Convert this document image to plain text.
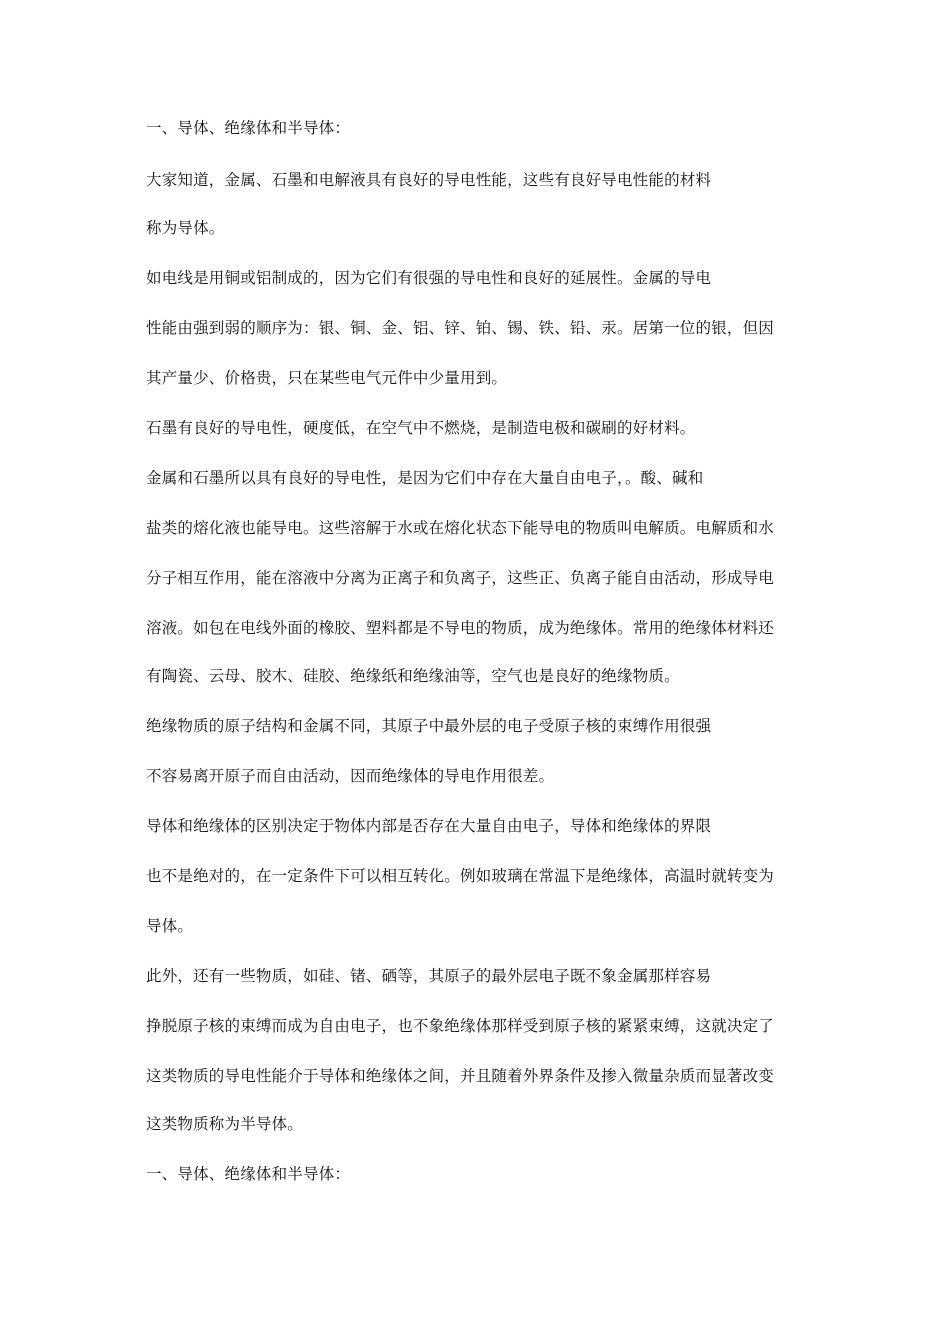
一、导体、绝缘体和半导体：

大家知道，金属、石墨和电解液具有良好的导电性能，这些有良好导电性能的材料

称为导体。

如电线是用铜或铝制成的，因为它们有很强的导电性和良好的延展性。金属的导电

性能由强到弱的顺序为：银、铜、金、铝、锌、铂、锡、铁、铅、汞。居第一位的银，但因

其产量少、价格贵，只在某些电气元件中少量用到。

石墨有良好的导电性，硬度低，在空气中不燃烧，是制造电极和碳刷的好材料。

金属和石墨所以具有良好的导电性，是因为它们中存在大量自由电子，。酸、碱和

盐类的熔化液也能导电。这些溶解于水或在熔化状态下能导电的物质叫电解质。电解质和水

分子相互作用，能在溶液中分离为正离子和负离子，这些正、负离子能自由活动，形成导电

溶液。如包在电线外面的橡胶、塑料都是不导电的物质，成为绝缘体。常用的绝缘体材料还

有陶瓷、云母、胶木、硅胶、绝缘纸和绝缘油等，空气也是良好的绝缘物质。

绝缘物质的原子结构和金属不同，其原子中最外层的电子受原子核的束缚作用很强

不容易离开原子而自由活动，因而绝缘体的导电作用很差。

导体和绝缘体的区别决定于物体内部是否存在大量自由电子，导体和绝缘体的界限

也不是绝对的，在一定条件下可以相互转化。例如玻璃在常温下是绝缘体，高温时就转变为

导体。

此外，还有一些物质，如硅、锗、硒等，其原子的最外层电子既不象金属那样容易

挣脱原子核的束缚而成为自由电子，也不象绝缘体那样受到原子核的紧紧束缚，这就决定了

这类物质的导电性能介于导体和绝缘体之间，并且随着外界条件及掺入微量杂质而显著改变

这类物质称为半导体。

一、导体、绝缘体和半导体：
